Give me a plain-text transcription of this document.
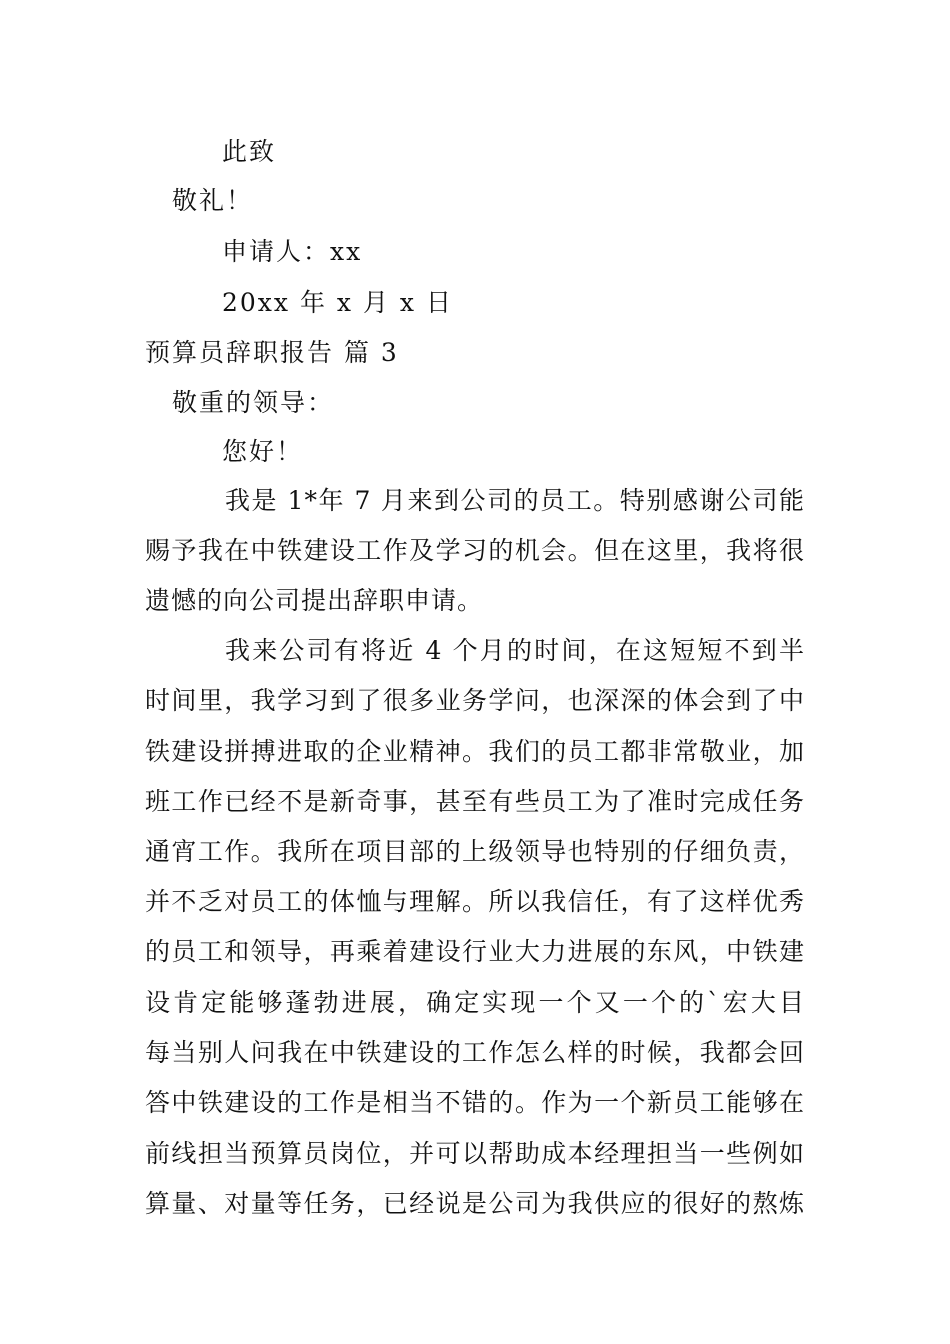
此致
敬礼！
申请人：xx
20xx 年 x 月 x 日
预算员辞职报告 篇 3
敬重的领导：
您好！
我是 1*年 7 月来到公司的员工。特别感谢公司能
赐予我在中铁建设工作及学习的机会。但在这里，我将很
遗憾的向公司提出辞职申请。
我来公司有将近 4 个月的时间，在这短短不到半
时间里，我学习到了很多业务学问，也深深的体会到了中
铁建设拼搏进取的企业精神。我们的员工都非常敬业，加
班工作已经不是新奇事，甚至有些员工为了准时完成任务
通宵工作。我所在项目部的上级领导也特别的仔细负责，
并不乏对员工的体恤与理解。所以我信任，有了这样优秀
的员工和领导，再乘着建设行业大力进展的东风，中铁建
设肯定能够蓬勃进展，确定实现一个又一个的`宏大目
每当别人问我在中铁建设的工作怎么样的时候，我都会回
答中铁建设的工作是相当不错的。作为一个新员工能够在
前线担当预算员岗位，并可以帮助成本经理担当一些例如
算量、对量等任务，已经说是公司为我供应的很好的熬炼
